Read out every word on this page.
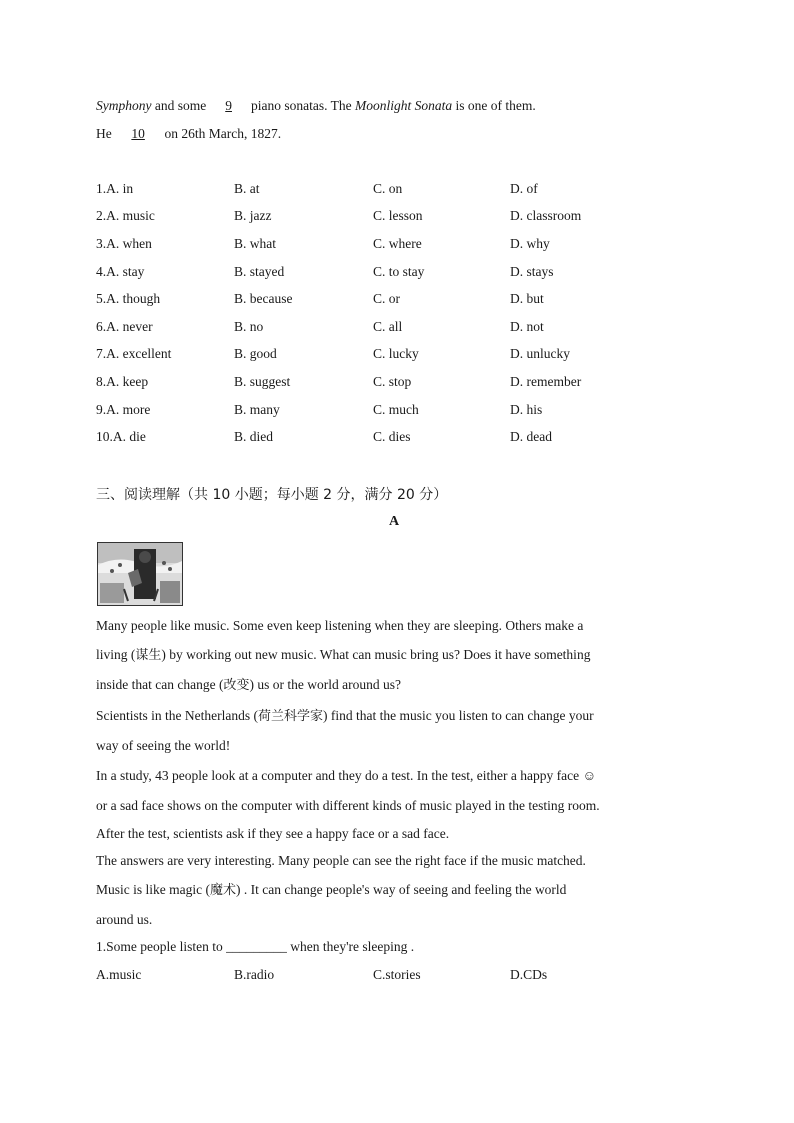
Symphony and some 9 piano sonatas. The Moonlight Sonata is one of them.
He 10 on 26th March, 1827.
1.A. in	B. at	C. on	D. of
2.A. music	B. jazz	C. lesson	D. classroom
3.A. when	B. what	C. where	D. why
4.A. stay	B. stayed	C. to stay	D. stays
5.A. though	B. because	C. or	D. but
6.A. never	B. no	C. all	D. not
7.A. excellent	B. good	C. lucky	D. unlucky
8.A. keep	B. suggest	C. stop	D. remember
9.A. more	B. many	C. much	D. his
10.A. die	B. died	C. dies	D. dead
三、阅读理解（共 10 小题；每小题 2 分，满分 20 分）
A
Many people like music. Some even keep listening when they are sleeping. Others make a
living (谋生) by working out new music. What can music bring us? Does it have something
inside that can change (改变) us or the world around us?
Scientists in the Netherlands (荷兰科学家) find that the music you listen to can change your
way of seeing the world!
In a study, 43 people look at a computer and they do a test. In the test, either a happy face ☺
or a sad face shows on the computer with different kinds of music played in the testing room.
After the test, scientists ask if they see a happy face or a sad face.
The answers are very interesting. Many people can see the right face if the music matched.
Music is like magic (魔术) . It can change people's way of seeing and feeling the world
around us.
1.Some people listen to _________ when they're sleeping .
A.music	B.radio	C.stories	D.CDs
